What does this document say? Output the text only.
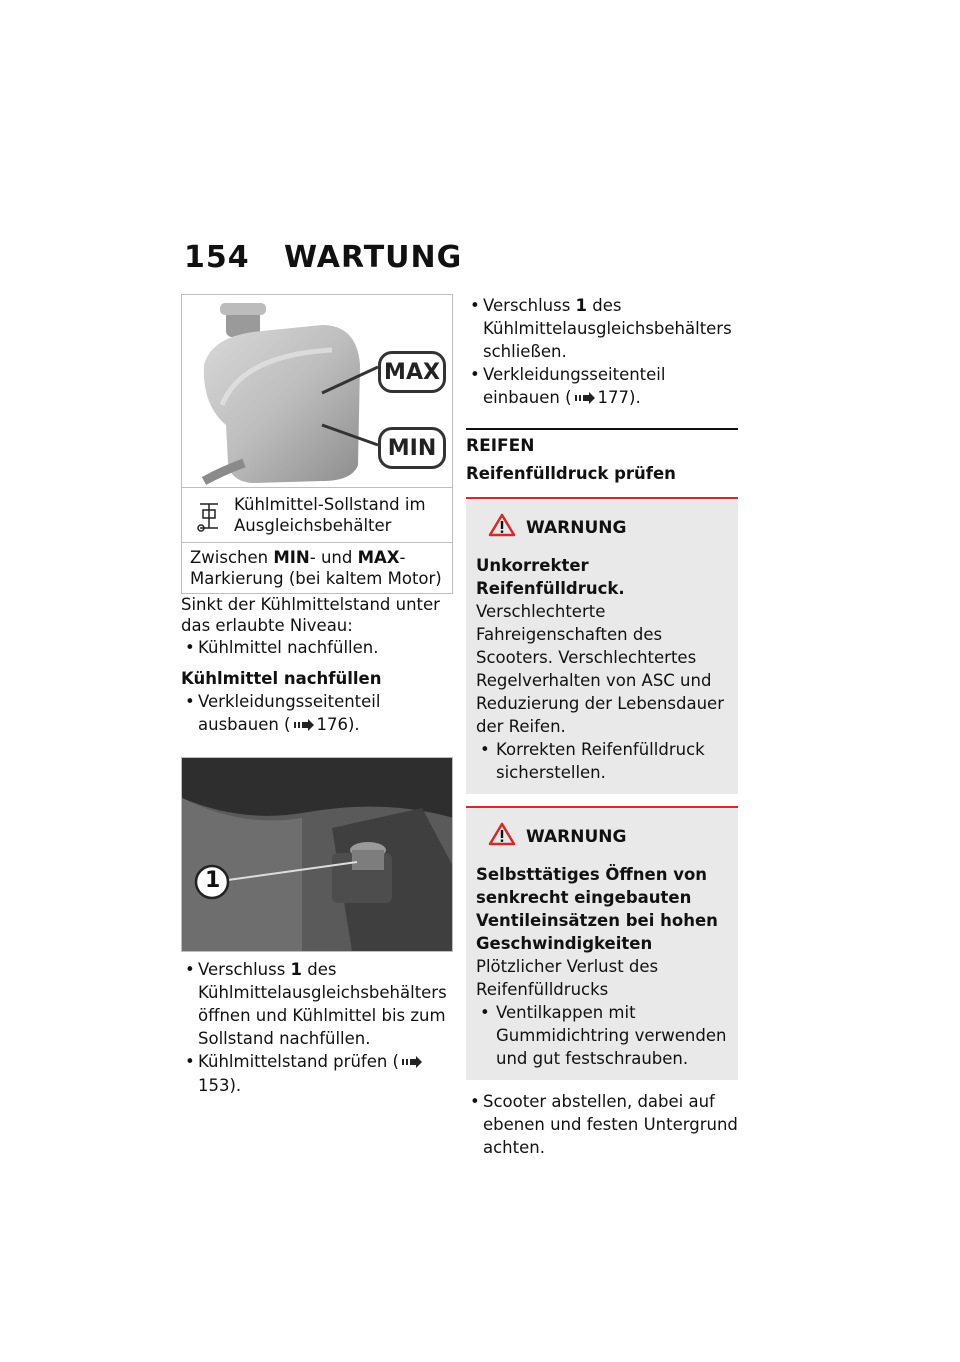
154 WARTUNG
MAX
MIN
Kühlmittel-Sollstand im Ausgleichsbehälter
Zwischen MIN- und MAX-Markierung (bei kaltem Motor)
Sinkt der Kühlmittelstand unter das erlaubte Niveau:
• Kühlmittel nachfüllen.
Kühlmittel nachfüllen
• Verkleidungsseitenteil ausbauen ( 176).
1
• Verschluss 1 des Kühlmittelausgleichsbehälters öffnen und Kühlmittel bis zum Sollstand nachfüllen.
• Kühlmittelstand prüfen (153).
• Verschluss 1 des Kühlmittelausgleichsbehälters schließen.
• Verkleidungsseitenteil einbauen ( 177).
REIFEN
Reifenfülldruck prüfen
WARNUNG
Unkorrekter Reifenfülldruck.
Verschlechterte Fahreigenschaften des Scooters. Verschlechtertes Regelverhalten von ASC und Reduzierung der Lebensdauer der Reifen.
• Korrekten Reifenfülldruck sicherstellen.
WARNUNG
Selbsttätiges Öffnen von senkrecht eingebauten Ventileinsätzen bei hohen Geschwindigkeiten
Plötzlicher Verlust des Reifenfülldrucks
• Ventilkappen mit Gummidichtring verwenden und gut festschrauben.
• Scooter abstellen, dabei auf ebenen und festen Untergrund achten.
